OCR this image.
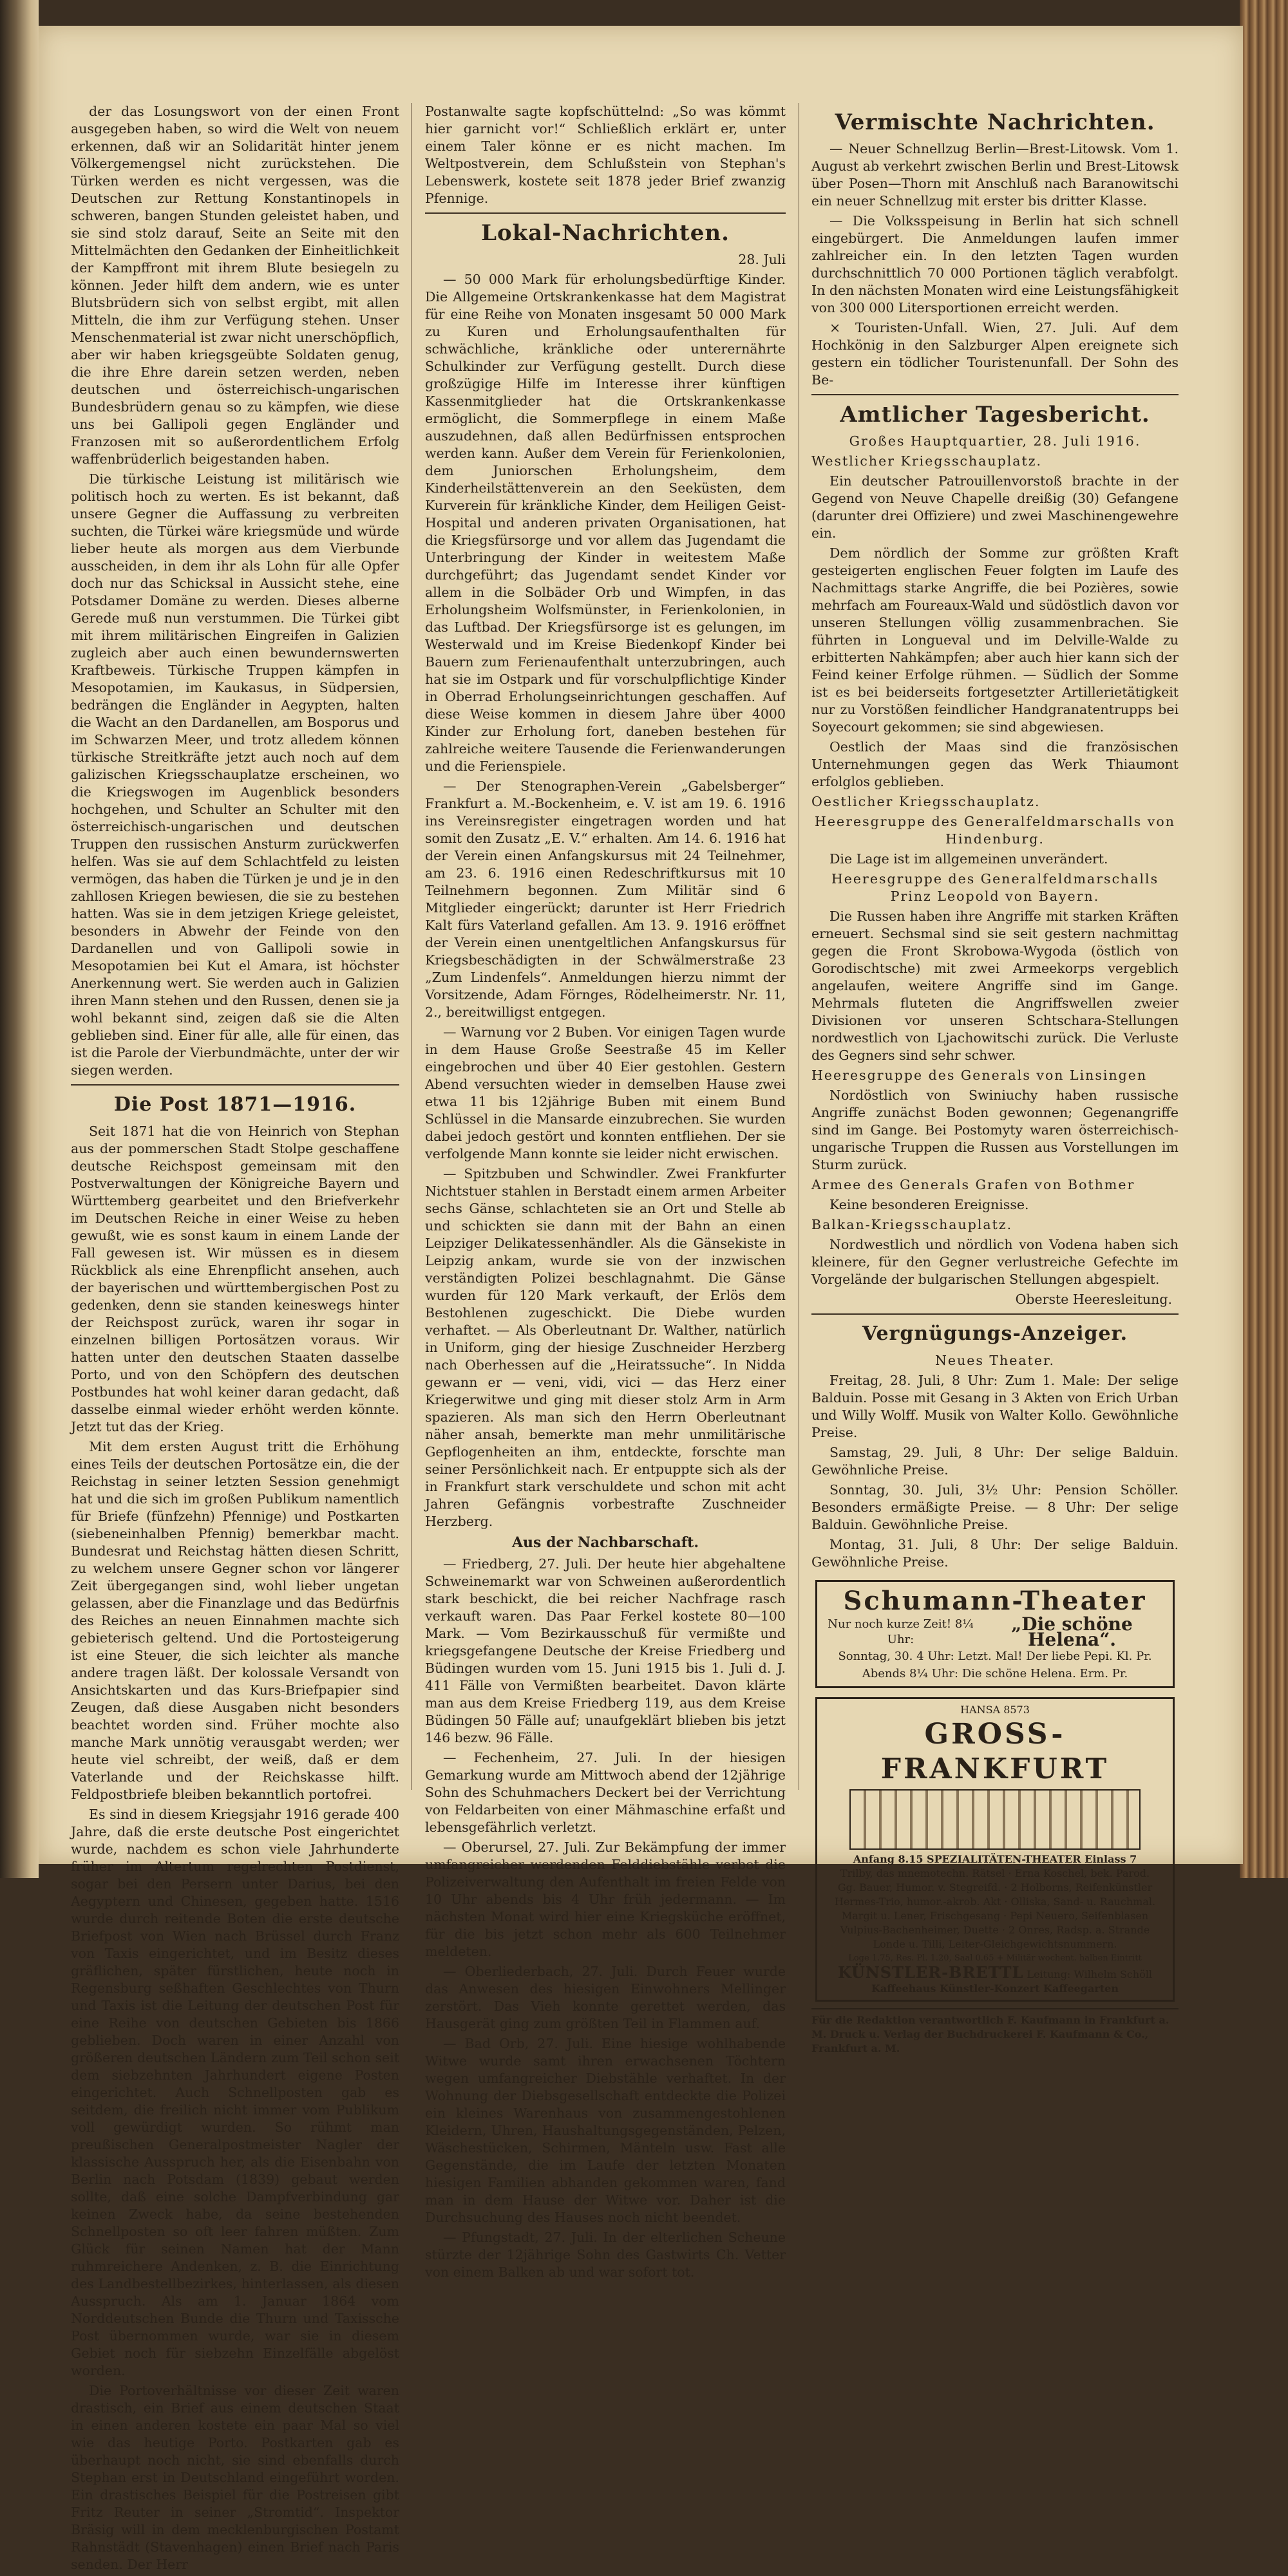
der das Losungswort von der einen Front ausgegeben haben, so wird die Welt von neuem erkennen, daß wir an Solidarität hinter jenem Völkergemengsel nicht zurückstehen. Die Türken werden es nicht vergessen, was die Deutschen zur Rettung Konstantinopels in schweren, bangen Stunden geleistet haben, und sie sind stolz darauf, Seite an Seite mit den Mittelmächten den Gedanken der Einheitlichkeit der Kampffront mit ihrem Blute besiegeln zu können. Jeder hilft dem andern, wie es unter Blutsbrüdern sich von selbst ergibt, mit allen Mitteln, die ihm zur Verfügung stehen. Unser Menschenmaterial ist zwar nicht unerschöpflich, aber wir haben kriegsgeübte Soldaten genug, die ihre Ehre darein setzen werden, neben deutschen und österreichisch-ungarischen Bundesbrüdern genau so zu kämpfen, wie diese uns bei Gallipoli gegen Engländer und Franzosen mit so außerordentlichem Erfolg waffenbrüderlich beigestanden haben.

Die türkische Leistung ist militärisch wie politisch hoch zu werten. Es ist bekannt, daß unsere Gegner die Auffassung zu verbreiten suchten, die Türkei wäre kriegsmüde und würde lieber heute als morgen aus dem Vierbunde ausscheiden, in dem ihr als Lohn für alle Opfer doch nur das Schicksal in Aussicht stehe, eine Potsdamer Domäne zu werden. Dieses alberne Gerede muß nun verstummen. Die Türkei gibt mit ihrem militärischen Eingreifen in Galizien zugleich aber auch einen bewundernswerten Kraftbeweis. Türkische Truppen kämpfen in Mesopotamien, im Kaukasus, in Südpersien, bedrängen die Engländer in Aegypten, halten die Wacht an den Dardanellen, am Bosporus und im Schwarzen Meer, und trotz alledem können türkische Streitkräfte jetzt auch noch auf dem galizischen Kriegsschauplatze erscheinen, wo die Kriegswogen im Augenblick besonders hochgehen, und Schulter an Schulter mit den österreichisch-ungarischen und deutschen Truppen den russischen Ansturm zurückwerfen helfen. Was sie auf dem Schlachtfeld zu leisten vermögen, das haben die Türken je und je in den zahllosen Kriegen bewiesen, die sie zu bestehen hatten. Was sie in dem jetzigen Kriege geleistet, besonders in Abwehr der Feinde von den Dardanellen und von Gallipoli sowie in Mesopotamien bei Kut el Amara, ist höchster Anerkennung wert. Sie werden auch in Galizien ihren Mann stehen und den Russen, denen sie ja wohl bekannt sind, zeigen daß sie die Alten geblieben sind. Einer für alle, alle für einen, das ist die Parole der Vierbundmächte, unter der wir siegen werden.

Die Post 1871—1916.

Seit 1871 hat die von Heinrich von Stephan aus der pommerschen Stadt Stolpe geschaffene deutsche Reichspost gemeinsam mit den Postverwaltungen der Königreiche Bayern und Württemberg gearbeitet und den Briefverkehr im Deutschen Reiche in einer Weise zu heben gewußt, wie es sonst kaum in einem Lande der Fall gewesen ist. Wir müssen es in diesem Rückblick als eine Ehrenpflicht ansehen, auch der bayerischen und württembergischen Post zu gedenken, denn sie standen keineswegs hinter der Reichspost zurück, waren ihr sogar in einzelnen billigen Portosätzen voraus. Wir hatten unter den deutschen Staaten dasselbe Porto, und von den Schöpfern des deutschen Postbundes hat wohl keiner daran gedacht, daß dasselbe einmal wieder erhöht werden könnte. Jetzt tut das der Krieg.

Mit dem ersten August tritt die Erhöhung eines Teils der deutschen Portosätze ein, die der Reichstag in seiner letzten Session genehmigt hat und die sich im großen Publikum namentlich für Briefe (fünfzehn) Pfennige) und Postkarten (siebeneinhalben Pfennig) bemerkbar macht. Bundesrat und Reichstag hätten diesen Schritt, zu welchem unsere Gegner schon vor längerer Zeit übergegangen sind, wohl lieber ungetan gelassen, aber die Finanzlage und das Bedürfnis des Reiches an neuen Einnahmen machte sich gebieterisch geltend. Und die Portosteigerung ist eine Steuer, die sich leichter als manche andere tragen läßt. Der kolossale Versandt von Ansichtskarten und das Kurs-Briefpapier sind Zeugen, daß diese Ausgaben nicht besonders beachtet worden sind. Früher mochte also manche Mark unnötig verausgabt werden; wer heute viel schreibt, der weiß, daß er dem Vaterlande und der Reichskasse hilft. Feldpostbriefe bleiben bekanntlich portofrei.

Es sind in diesem Kriegsjahr 1916 gerade 400 Jahre, daß die erste deutsche Post eingerichtet wurde, nachdem es schon viele Jahrhunderte früher im Altertum regelrechten Postdienst, sogar bei den Persern unter Darius, bei den Aegyptern und Chinesen, gegeben hatte. 1516 wurde durch reitende Boten die erste deutsche Briefpost von Wien nach Brüssel durch Franz von Taxis eingerichtet, und im Besitz dieses gräflichen, später fürstlichen, heute noch in Regensburg seßhaften Geschlechtes von Thurn und Taxis ist die Leitung der deutschen Post für eine Reihe von deutschen Gebieten bis 1866 geblieben. Doch waren in einer Anzahl von größeren deutschen Ländern zum Teil schon seit dem siebzehnten Jahrhundert eigene Posten eingerichtet. Auch Schnellposten gab es seitdem, die freilich nicht immer vom Publikum voll gewürdigt wurden. So rühmt man preußischen Generalpostmeister Nagler der klassische Ausspruch her, als die Eisenbahn von Berlin nach Potsdam (1839) gebaut werden sollte, daß eine solche Dampfverbindung gar keinen Zweck habe, da seine bestehenden Schnellposten so oft leer fahren müßten. Zum Glück für seinen Namen hat der Mann ruhmreichere Andenken, z. B. die Einrichtung des Landbestellbezirkes, hinterlassen, als diesen Ausspruch. Als am 1. Januar 1864 vom Norddeutschen Bunde die Thurn und Taxissche Post übernommen wurde, war sie in diesem Gebiet noch für siebzehn Einzelfälle abgelöst worden.

Die Portoverhältnisse vor dieser Zeit waren drastisch, ein Brief aus einem deutschen Staat in einen anderen kostete ein paar Mal so viel wie das heutige Porto. Postkarten gab es überhaupt noch nicht, sie sind ebenfalls durch Stephan erst in Deutschland eingeführt worden. Ein drastisches Beispiel für die Postreisen gibt Fritz Reuter in seiner „Stromtid“. Inspektor Bräsig will in dem mecklenburgischen Postamt Rahnstädt (Stavenhagen) einen Brief nach Paris senden. Der Herr

Postanwalte sagte kopfschüttelnd: „So was kömmt hier garnicht vor!“ Schließlich erklärt er, unter einem Taler könne er es nicht machen. Im Weltpostverein, dem Schlußstein von Stephan's Lebenswerk, kostete seit 1878 jeder Brief zwanzig Pfennige.

Lokal-Nachrichten.
28. Juli

— 50 000 Mark für erholungsbedürftige Kinder. Die Allgemeine Ortskrankenkasse hat dem Magistrat für eine Reihe von Monaten insgesamt 50 000 Mark zu Kuren und Erholungsaufenthalten für schwächliche, kränkliche oder unterernährte Schulkinder zur Verfügung gestellt. Durch diese großzügige Hilfe im Interesse ihrer künftigen Kassenmitglieder hat die Ortskrankenkasse ermöglicht, die Sommerpflege in einem Maße auszudehnen, daß allen Bedürfnissen entsprochen werden kann. Außer dem Verein für Ferienkolonien, dem Juniorschen Erholungsheim, dem Kinderheilstättenverein an den Seeküsten, dem Kurverein für kränkliche Kinder, dem Heiligen Geist-Hospital und anderen privaten Organisationen, hat die Kriegsfürsorge und vor allem das Jugendamt die Unterbringung der Kinder in weitestem Maße durchgeführt; das Jugendamt sendet Kinder vor allem in die Solbäder Orb und Wimpfen, in das Erholungsheim Wolfsmünster, in Ferienkolonien, in das Luftbad. Der Kriegsfürsorge ist es gelungen, im Westerwald und im Kreise Biedenkopf Kinder bei Bauern zum Ferienaufenthalt unterzubringen, auch hat sie im Ostpark und für vorschulpflichtige Kinder in Oberrad Erholungseinrichtungen geschaffen. Auf diese Weise kommen in diesem Jahre über 4000 Kinder zur Erholung fort, daneben bestehen für zahlreiche weitere Tausende die Ferienwanderungen und die Ferienspiele.

— Der Stenographen-Verein „Gabelsberger“ Frankfurt a. M.-Bockenheim, e. V. ist am 19. 6. 1916 ins Vereinsregister eingetragen worden und hat somit den Zusatz „E. V.“ erhalten. Am 14. 6. 1916 hat der Verein einen Anfangskursus mit 24 Teilnehmer, am 23. 6. 1916 einen Redeschriftkursus mit 10 Teilnehmern begonnen. Zum Militär sind 6 Mitglieder eingerückt; darunter ist Herr Friedrich Kalt fürs Vaterland gefallen. Am 13. 9. 1916 eröffnet der Verein einen unentgeltlichen Anfangskursus für Kriegsbeschädigten in der Schwälmerstraße 23 „Zum Lindenfels“. Anmeldungen hierzu nimmt der Vorsitzende, Adam Förnges, Rödelheimerstr. Nr. 11, 2., bereitwilligst entgegen.

— Warnung vor 2 Buben. Vor einigen Tagen wurde in dem Hause Große Seestraße 45 im Keller eingebrochen und über 40 Eier gestohlen. Gestern Abend versuchten wieder in demselben Hause zwei etwa 11 bis 12jährige Buben mit einem Bund Schlüssel in die Mansarde einzubrechen. Sie wurden dabei jedoch gestört und konnten entfliehen. Der sie verfolgende Mann konnte sie leider nicht erwischen.

— Spitzbuben und Schwindler. Zwei Frankfurter Nichtstuer stahlen in Berstadt einem armen Arbeiter sechs Gänse, schlachteten sie an Ort und Stelle ab und schickten sie dann mit der Bahn an einen Leipziger Delikatessenhändler. Als die Gänsekiste in Leipzig ankam, wurde sie von der inzwischen verständigten Polizei beschlagnahmt. Die Gänse wurden für 120 Mark verkauft, der Erlös dem Bestohlenen zugeschickt. Die Diebe wurden verhaftet. — Als Oberleutnant Dr. Walther, natürlich in Uniform, ging der hiesige Zuschneider Herzberg nach Oberhessen auf die „Heiratssuche“. In Nidda gewann er — veni, vidi, vici — das Herz einer Kriegerwitwe und ging mit dieser stolz Arm in Arm spazieren. Als man sich den Herrn Oberleutnant näher ansah, bemerkte man mehr unmilitärische Gepflogenheiten an ihm, entdeckte, forschte man seiner Persönlichkeit nach. Er entpuppte sich als der in Frankfurt stark verschuldete und schon mit acht Jahren Gefängnis vorbestrafte Zuschneider Herzberg.

Aus der Nachbarschaft.

— Friedberg, 27. Juli. Der heute hier abgehaltene Schweinemarkt war von Schweinen außerordentlich stark beschickt, die bei reicher Nachfrage rasch verkauft waren. Das Paar Ferkel kostete 80—100 Mark. — Vom Bezirkausschuß für vermißte und kriegsgefangene Deutsche der Kreise Friedberg und Büdingen wurden vom 15. Juni 1915 bis 1. Juli d. J. 411 Fälle von Vermißten bearbeitet. Davon klärte man aus dem Kreise Friedberg 119, aus dem Kreise Büdingen 50 Fälle auf; unaufgeklärt blieben bis jetzt 146 bezw. 96 Fälle.

— Fechenheim, 27. Juli. In der hiesigen Gemarkung wurde am Mittwoch abend der 12jährige Sohn des Schuhmachers Deckert bei der Verrichtung von Feldarbeiten von einer Mähmaschine erfaßt und lebensgefährlich verletzt.

— Oberursel, 27. Juli. Zur Bekämpfung der immer umfangreicher werdenden Felddiebstähle verbot die Polizeiverwaltung den Aufenthalt im freien Felde von 10 Uhr abends bis 4 Uhr früh jedermann. — Im nächsten Monat wird hier eine Kriegsküche eröffnet, für die bis jetzt schon mehr als 600 Teilnehmer meldeten.

— Oberliederbach, 27. Juli. Durch Feuer wurde das Anwesen des hiesigen Einwohners Mellinger zerstört. Das Vieh konnte gerettet werden, das Hausgerät ging zum größten Teil in Flammen auf.

— Bad Orb, 27. Juli. Eine hiesige wohlhabende Witwe wurde samt ihren erwachsenen Töchtern wegen umfangreicher Diebstähle verhaftet. In der Wohnung der Diebsgesellschaft entdeckte die Polizei ein kleines Warenhaus von zusammengestohlenen Kleidern, Uhren, Haushaltungsgegenständen, Pelzen, Wäschestücken, Schirmen, Mänteln usw. Fast alle Gegenstände, die im Laufe der letzten Monaten hiesigen Familien abhanden gekommen waren, fand man in dem Hause der Witwe vor. Daher ist die Durchsuchung des Hauses noch nicht beendet.

— Pfungstadt, 27. Juli. In der elterlichen Scheune stürzte der 12jährige Sohn des Gastwirts Ch. Vetter von einem Balken ab und war sofort tot.

Vermischte Nachrichten.

— Neuer Schnellzug Berlin—Brest-Litowsk. Vom 1. August ab verkehrt zwischen Berlin und Brest-Litowsk über Posen—Thorn mit Anschluß nach Baranowitschi ein neuer Schnellzug mit erster bis dritter Klasse.

— Die Volksspeisung in Berlin hat sich schnell eingebürgert. Die Anmeldungen laufen immer zahlreicher ein. In den letzten Tagen wurden durchschnittlich 70 000 Portionen täglich verabfolgt. In den nächsten Monaten wird eine Leistungsfähigkeit von 300 000 Litersportionen erreicht werden.

× Touristen-Unfall. Wien, 27. Juli. Auf dem Hochkönig in den Salzburger Alpen ereignete sich gestern ein tödlicher Touristenunfall. Der Sohn des Be-

Amtlicher Tagesbericht.
Großes Hauptquartier, 28. Juli 1916.
Westlicher Kriegsschauplatz.

Ein deutscher Patrouillenvorstoß brachte in der Gegend von Neuve Chapelle dreißig (30) Gefangene (darunter drei Offiziere) und zwei Maschinengewehre ein.

Dem nördlich der Somme zur größten Kraft gesteigerten englischen Feuer folgten im Laufe des Nachmittags starke Angriffe, die bei Pozières, sowie mehrfach am Foureaux-Wald und südöstlich davon vor unseren Stellungen völlig zusammenbrachen. Sie führten in Longueval und im Delville-Walde zu erbitterten Nahkämpfen; aber auch hier kann sich der Feind keiner Erfolge rühmen. — Südlich der Somme ist es bei beiderseits fortgesetzter Artillerietätigkeit nur zu Vorstößen feindlicher Handgranatentrupps bei Soyecourt gekommen; sie sind abgewiesen.

Oestlich der Maas sind die französischen Unternehmungen gegen das Werk Thiaumont erfolglos geblieben.

Oestlicher Kriegsschauplatz.
Heeresgruppe des Generalfeldmarschalls von Hindenburg.

Die Lage ist im allgemeinen unverändert.

Heeresgruppe des Generalfeldmarschalls Prinz Leopold von Bayern.

Die Russen haben ihre Angriffe mit starken Kräften erneuert. Sechsmal sind sie seit gestern nachmittag gegen die Front Skrobowa-Wygoda (östlich von Gorodischtsche) mit zwei Armeekorps vergeblich angelaufen, weitere Angriffe sind im Gange. Mehrmals fluteten die Angriffswellen zweier Divisionen vor unseren Schtschara-Stellungen nordwestlich von Ljachowitschi zurück. Die Verluste des Gegners sind sehr schwer.

Heeresgruppe des Generals von Linsingen

Nordöstlich von Swiniuchy haben russische Angriffe zunächst Boden gewonnen; Gegenangriffe sind im Gange. Bei Postomyty waren österreichisch-ungarische Truppen die Russen aus Vorstellungen im Sturm zurück.

Armee des Generals Grafen von Bothmer

Keine besonderen Ereignisse.

Balkan-Kriegsschauplatz.

Nordwestlich und nördlich von Vodena haben sich kleinere, für den Gegner verlustreiche Gefechte im Vorgelände der bulgarischen Stellungen abgespielt.

Oberste Heeresleitung.
Vergnügungs-Anzeiger.
Neues Theater.

Freitag, 28. Juli, 8 Uhr: Zum 1. Male: Der selige Balduin. Posse mit Gesang in 3 Akten von Erich Urban und Willy Wolff. Musik von Walter Kollo. Gewöhnliche Preise.

Samstag, 29. Juli, 8 Uhr: Der selige Balduin. Gewöhnliche Preise.

Sonntag, 30. Juli, 3½ Uhr: Pension Schöller. Besonders ermäßigte Preise. — 8 Uhr: Der selige Balduin. Gewöhnliche Preise.

Montag, 31. Juli, 8 Uhr: Der selige Balduin. Gewöhnliche Preise.

Schumann-Theater
Nur noch kurze Zeit! 8¼ Uhr:
„Die schöne Helena“.
Sonntag, 30. 4 Uhr: Letzt. Mal! Der liebe Pepi. Kl. Pr.
Abends 8¼ Uhr: Die schöne Helena. Erm. Pr.
HANSA 8573
GROSS-FRANKFURT
Anfang 8.15 SPEZIALITÄTEN-THEATER Einlass 7
Trilby, das mnemotechn. Rätsel · Erna Koschel, bek. Parod.
Gg. Bauer, Humor. v. Stegreifd. · 2 Holborns, Reifenkünstler
Hermes-Trio, humor.-akrob. Akt · Olliska, Sand- u. Rauchmal.
Margit u. Lener, Frischgesang · Pepi Neuero, Seifenblasen
Vulpius-Bachenheimer, Duette · 2 Onres, Radsp. a. Strande
Londe u. Tilli, Leiter-Gleichgewichtsnummern.
Loge 1.75, Res. Pl. 1.20, Saal 0.65 + Militär wochent. halben Eintritt
KÜNSTLER-BRETTL Leitung: Wilhelm Schöll
Kaffeehaus Künstler-Konzert Kaffeegarten
Für die Redaktion verantwortlich F. Kaufmann in Frankfurt a. M. Druck u. Verlag der Buchdruckerei F. Kaufmann & Co., Frankfurt a. M.
